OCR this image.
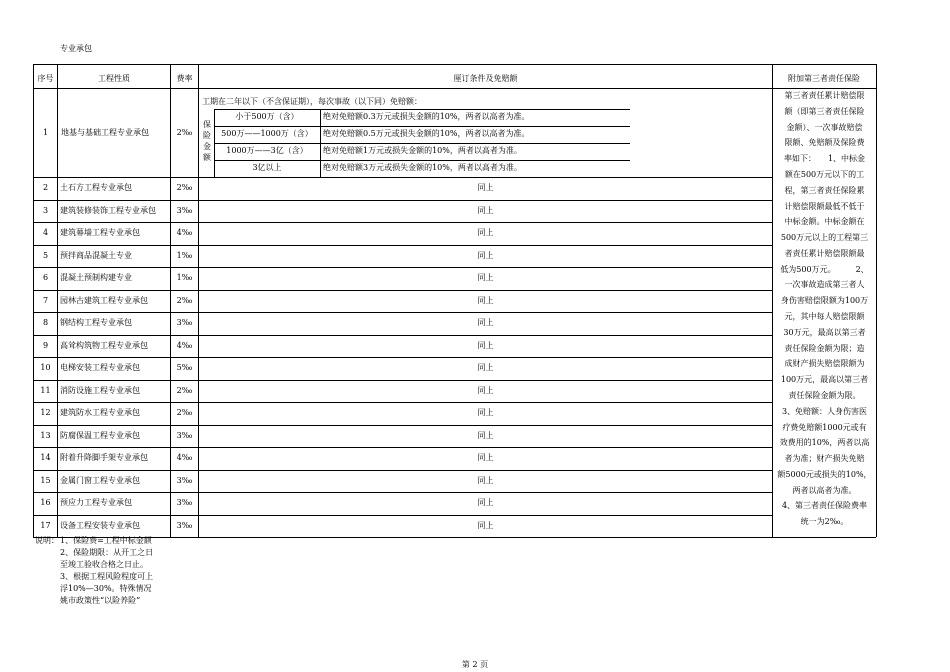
专业承包
序号	工程性质	费率	厘订条件及免赔额	附加第三者责任保险
1	地基与基础工程专业承包	2‰
工期在二年以下（不含保证期），每次事故（以下同）免赔额：
保险金额
小于500万（含）	绝对免赔额0.3万元或损失金额的10%，两者以高者为准。
500万——1000万（含）	绝对免赔额0.5万元或损失金额的10%，两者以高者为准。
1000万——3亿（含）	绝对免赔额1万元或损失金额的10%，两者以高者为准。
3亿以上	绝对免赔额3万元或损失金额的10%，两者以高者为准。
2	土石方工程专业承包	2‰	同上
3	建筑装修装饰工程专业承包	3‰	同上
4	建筑幕墙工程专业承包	4‰	同上
5	预拌商品混凝土专业	1‰	同上
6	混凝土预制构建专业	1‰	同上
7	园林古建筑工程专业承包	2‰	同上
8	钢结构工程专业承包	3‰	同上
9	高耸构筑物工程专业承包	4‰	同上
10	电梯安装工程专业承包	5‰	同上
11	消防设施工程专业承包	2‰	同上
12	建筑防水工程专业承包	2‰	同上
13	防腐保温工程专业承包	3‰	同上
14	附着升降脚手架专业承包	4‰	同上
15	金属门窗工程专业承包	3‰	同上
16	预应力工程专业承包	3‰	同上
17	设备工程安装专业承包	3‰	同上
第三者责任累计赔偿限
额（即第三者责任保险
金额）、一次事故赔偿
限额、免赔额及保险费
率如下：　　1、中标金
额在500万元以下的工
程，第三者责任保险累
计赔偿限额最低不低于
中标金额。中标金额在
500万元以上的工程第三
者责任累计赔偿限额最
低为500万元。　　　2、
一次事故造成第三者人
身伤害赔偿限额为100万
元，其中每人赔偿限额
30万元，最高以第三者
责任保险金额为限；造
成财产损失赔偿限额为
100万元，最高以第三者
责任保险金额为限。
3、免赔额：人身伤害医
疗费免赔额1000元或有
效费用的10%，两者以高
者为准；财产损失免赔
额5000元或损失的10%，
两者以高者为准。
4、第三者责任保险费率
统一为2‰。
说明： 1、保险费=工程中标金额
2、保险期限：从开工之日
至竣工验收合格之日止。
3、根据工程风险程度可上
浮10%—30%。特殊情况
姚市政策性“以险养险”
第 2 页
